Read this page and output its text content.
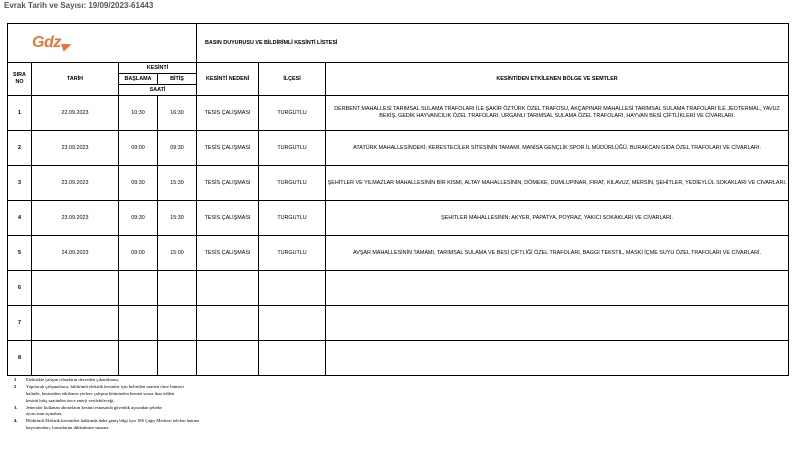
Evrak Tarih ve Sayısı: 19/09/2023-61443
Gdz				BASIN DUYURUSU VE BİLDİRİMLİ KESİNTİ LİSTESİ		
SIRA NO	TARİH	KESİNTİ		KESİNTİ NEDENİ	İLÇESİ	KESİNTİDEN ETKİLENEN BÖLGE VE SEMTLER
		BAŞLAMA	BİTİŞ			
		SAATİ				
1	22.09.2023	10:30	16:30	TESİS ÇALIŞMASI	TURGUTLU	DERBENT MAHALLESİ TARIMSAL SULAMA TRAFOLARI İLE ŞAKİR ÖZTÜRK ÖZEL TRAFOSU, AKÇAPINAR MAHALLESİ TARIMSAL SULAMA TRAFOLARI İLE JEOTERMAL, YAVUZ BEKİŞ, GEDİK HAYVANCILIK ÖZEL TRAFOLARI, URGANLI TARIMSAL SULAMA ÖZEL TRAFOLARI, HAYVAN BESİ ÇİFTLİKLERİ VE CİVARLARI.
2	23.09.2023	09:00	09:30	TESİS ÇALIŞMASI	TURGUTLU	ATATÜRK MAHALLESİNDEKİ; KERESTECİLER SİTESİNİN TAMAMI, MANİSA GENÇLİK SPOR İL MÜDÜRLÜĞÜ, BURAKCAN GIDA ÖZEL TRAFOLARI VE CİVARLARI.
3	23.09.2023	09:30	15:30	TESİS ÇALIŞMASI	TURGUTLU	ŞEHİTLER VE YILMAZLAR MAHALLESİNİN BİR KISMI, ALTAY MAHALLESİNİN; DÖMEKE, DUMLUPINAR, FIRAT, KILAVUZ, MERSİN, ŞEHİTLER, YEDİEYLÜL SOKAKLARI VE CİVARLARI.
4	23.09.2023	09:30	15:30	TESİS ÇALIŞMASI	TURGUTLU	ŞEHİTLER MAHALLESİNİN; AKYER, PAPATYA, POYRAZ, YAKICI SOKAKLARI VE CİVARLARI.
5	24.09.2023	09:00	15:00	TESİS ÇALIŞMASI	TURGUTLU	AVŞAR MAHALLESİNİN TAMAMI, TARIMSAL SULAMA VE BESİ ÇİFTLİĞİ ÖZEL TRAFOLARI, BAGGİ TEKSTİL, MASKİ İÇME SUYU ÖZEL TRAFOLARI VE CİVARLARI.
6						
7						
8						
1	Elektrikle çalışan cihazların devreden çıkartılması,
2	Yapılacak çalışmalarca, bildirimli elektrik kesintisi için belirtilen saatten önce bitmesi
halinde, kesintiden etkilenen yerlere çalışma bitiminden hemen sonra ikaz edilen
kesinti bitiş saatinden önce enerji verilebileceği,
3.	Jeneratör kullanan aboneların kesinti esnasında güvenlik açısından şebeke
ayırıcısını açmaları,
4.	Bildirimli Elektrik kesintileri hakkında daha geniş bilgi için 186 Çağrı Merkezi telefon hattına
başvurmaları, hususlarını dikkatinize sunarız.
